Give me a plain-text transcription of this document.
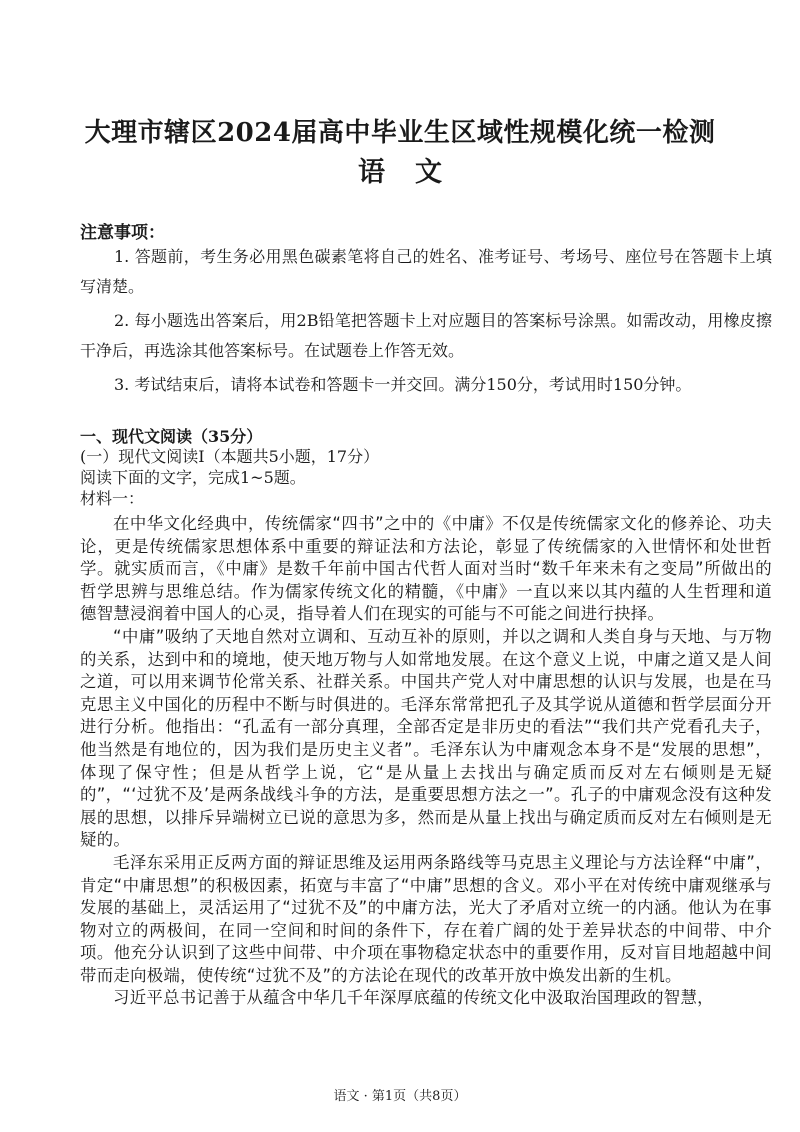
大理市辖区2024届高中毕业生区域性规模化统一检测
语文
注意事项：

1. 答题前，考生务必用黑色碳素笔将自己的姓名、准考证号、考场号、座位号在答题卡上填写清楚。

2. 每小题选出答案后，用2B铅笔把答题卡上对应题目的答案标号涂黑。如需改动，用橡皮擦干净后，再选涂其他答案标号。在试题卷上作答无效。

3. 考试结束后，请将本试卷和答题卡一并交回。满分150分，考试用时150分钟。

一、现代文阅读（35分）

(一）现代文阅读Ⅰ（本题共5小题，17分）

阅读下面的文字，完成1~5题。

材料一：

在中华文化经典中，传统儒家“四书”之中的《中庸》不仅是传统儒家文化的修养论、功夫论，更是传统儒家思想体系中重要的辩证法和方法论，彰显了传统儒家的入世情怀和处世哲学。就实质而言，《中庸》是数千年前中国古代哲人面对当时“数千年来未有之变局”所做出的哲学思辨与思维总结。作为儒家传统文化的精髓，《中庸》一直以来以其内蕴的人生哲理和道德智慧浸润着中国人的心灵，指导着人们在现实的可能与不可能之间进行抉择。

“中庸”吸纳了天地自然对立调和、互动互补的原则，并以之调和人类自身与天地、与万物的关系，达到中和的境地，使天地万物与人如常地发展。在这个意义上说，中庸之道又是人间之道，可以用来调节伦常关系、社群关系。中国共产党人对中庸思想的认识与发展，也是在马克思主义中国化的历程中不断与时俱进的。毛泽东常常把孔子及其学说从道德和哲学层面分开进行分析。他指出：“孔孟有一部分真理，全部否定是非历史的看法”“我们共产党看孔夫子，他当然是有地位的，因为我们是历史主义者”。毛泽东认为中庸观念本身不是“发展的思想”，体现了保守性；但是从哲学上说，它“是从量上去找出与确定质而反对左右倾则是无疑的”，“‘过犹不及’是两条战线斗争的方法，是重要思想方法之一”。孔子的中庸观念没有这种发展的思想，以排斥异端树立已说的意思为多，然而是从量上找出与确定质而反对左右倾则是无疑的。

毛泽东采用正反两方面的辩证思维及运用两条路线等马克思主义理论与方法诠释“中庸”，肯定“中庸思想”的积极因素，拓宽与丰富了“中庸”思想的含义。邓小平在对传统中庸观继承与发展的基础上，灵活运用了“过犹不及”的中庸方法，光大了矛盾对立统一的内涵。他认为在事物对立的两极间，在同一空间和时间的条件下，存在着广阔的处于差异状态的中间带、中介项。他充分认识到了这些中间带、中介项在事物稳定状态中的重要作用，反对盲目地超越中间带而走向极端，使传统“过犹不及”的方法论在现代的改革开放中焕发出新的生机。

习近平总书记善于从蕴含中华几千年深厚底蕴的传统文化中汲取治国理政的智慧，

语文 · 第1页（共8页）
